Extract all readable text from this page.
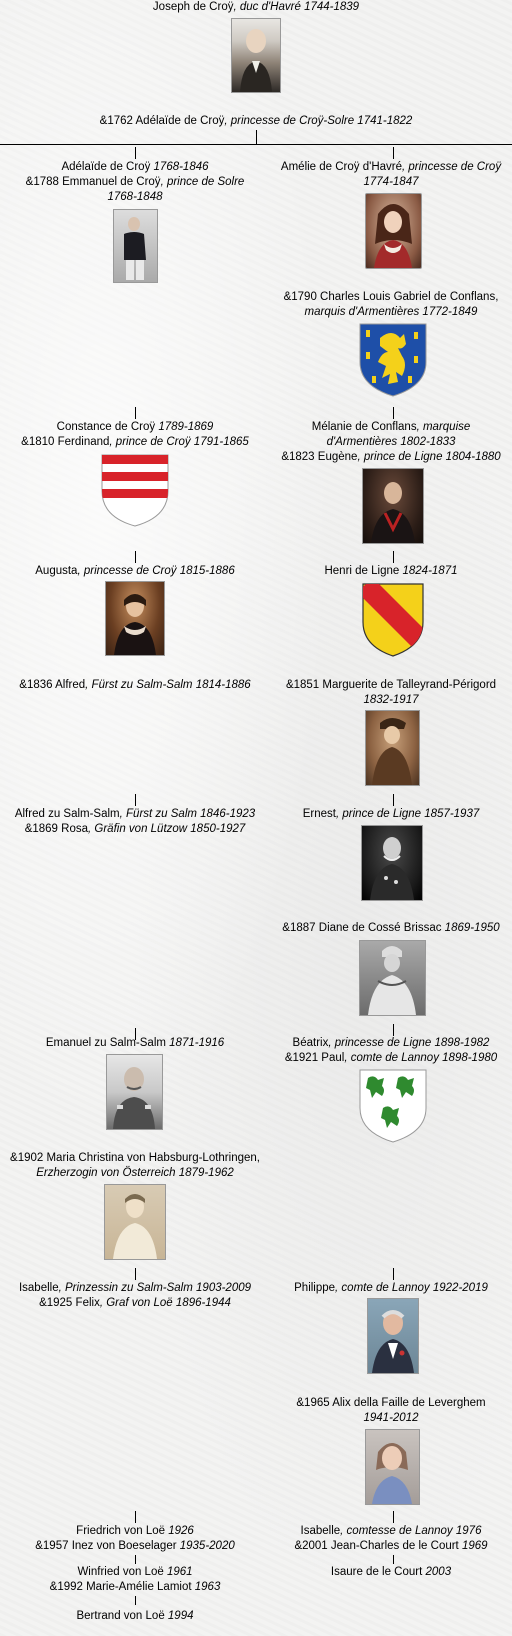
Joseph de Croÿ, duc d'Havré 1744-1839
&1762 Adélaïde de Croÿ, princesse de Croÿ-Solre 1741-1822
Adélaïde de Croÿ 1768-1846
&1788 Emmanuel de Croÿ, prince de Solre
1768-1848
Constance de Croÿ 1789-1869
&1810 Ferdinand, prince de Croÿ 1791-1865
Augusta, princesse de Croÿ 1815-1886
&1836 Alfred, Fürst zu Salm-Salm 1814-1886
Alfred zu Salm-Salm, Fürst zu Salm 1846-1923
&1869 Rosa, Gräfin von Lützow 1850-1927
Emanuel zu Salm-Salm 1871-1916
&1902 Maria Christina von Habsburg-Lothringen,
Erzherzogin von Österreich 1879-1962
Isabelle, Prinzessin zu Salm-Salm 1903-2009
&1925 Felix, Graf von Loë 1896-1944
Friedrich von Loë 1926
&1957 Inez von Boeselager 1935-2020
Winfried von Loë 1961
&1992 Marie-Amélie Lamiot 1963
Bertrand von Loë 1994
Amélie de Croÿ d'Havré, princesse de Croÿ
1774-1847
&1790 Charles Louis Gabriel de Conflans,
marquis d'Armentières 1772-1849
Mélanie de Conflans, marquise
d'Armentières 1802-1833
&1823 Eugène, prince de Ligne 1804-1880
Henri de Ligne 1824-1871
&1851 Marguerite de Talleyrand-Périgord
1832-1917
Ernest, prince de Ligne 1857-1937
&1887 Diane de Cossé Brissac 1869-1950
Béatrix, princesse de Ligne 1898-1982
&1921 Paul, comte de Lannoy 1898-1980
Philippe, comte de Lannoy 1922-2019
&1965 Alix della Faille de Leverghem
1941-2012
Isabelle, comtesse de Lannoy 1976
&2001 Jean-Charles de le Court 1969
Isaure de le Court 2003
